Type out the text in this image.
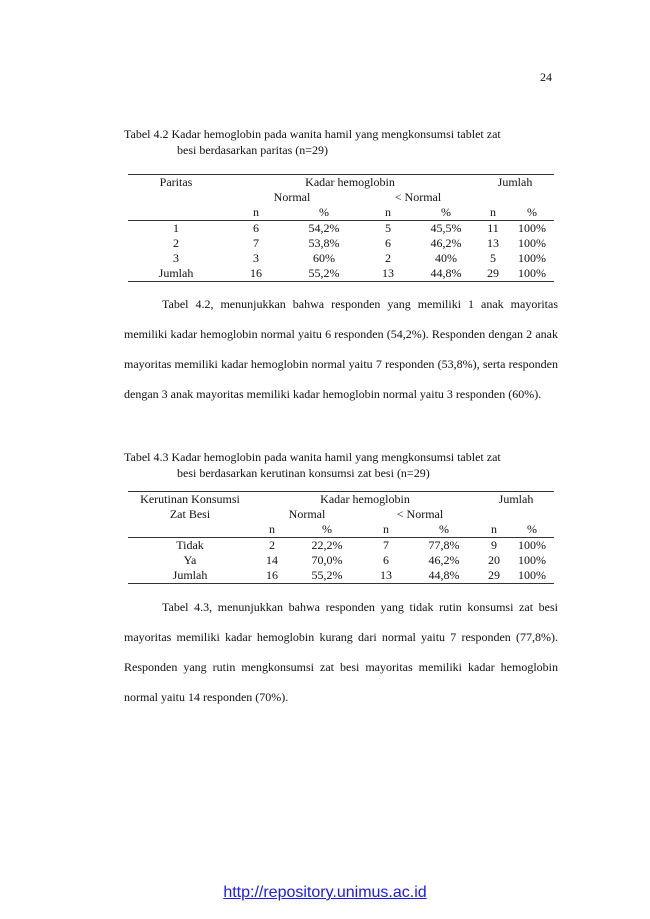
24
Tabel 4.2 Kadar hemoglobin pada wanita hamil yang mengkonsumsi tablet zat
besi berdasarkan paritas (n=29)
Paritas	Kadar hemoglobin				Jumlah	
	Normal		< Normal			
	n	%	n	%	n	%
1	6	54,2%	5	45,5%	11	100%
2	7	53,8%	6	46,2%	13	100%
3	3	60%	2	40%	5	100%
Jumlah	16	55,2%	13	44,8%	29	100%
Tabel 4.2, menunjukkan bahwa responden yang memiliki 1 anak mayoritas memiliki kadar hemoglobin normal yaitu 6 responden (54,2%). Responden dengan 2 anak mayoritas memiliki kadar hemoglobin normal yaitu 7 responden (53,8%), serta responden dengan 3 anak mayoritas memiliki kadar hemoglobin normal yaitu 3 responden (60%).
Tabel 4.3 Kadar hemoglobin pada wanita hamil yang mengkonsumsi tablet zat
besi berdasarkan kerutinan konsumsi zat besi (n=29)
Kerutinan Konsumsi	Kadar hemoglobin				Jumlah	
Zat Besi	Normal		< Normal			
	n	%	n	%	n	%
Tidak	2	22,2%	7	77,8%	9	100%
Ya	14	70,0%	6	46,2%	20	100%
Jumlah	16	55,2%	13	44,8%	29	100%
Tabel 4.3, menunjukkan bahwa responden yang tidak rutin konsumsi zat besi mayoritas memiliki kadar hemoglobin kurang dari normal yaitu 7 responden (77,8%). Responden yang rutin mengkonsumsi zat besi mayoritas memiliki kadar hemoglobin normal yaitu 14 responden (70%).
http://repository.unimus.ac.id
